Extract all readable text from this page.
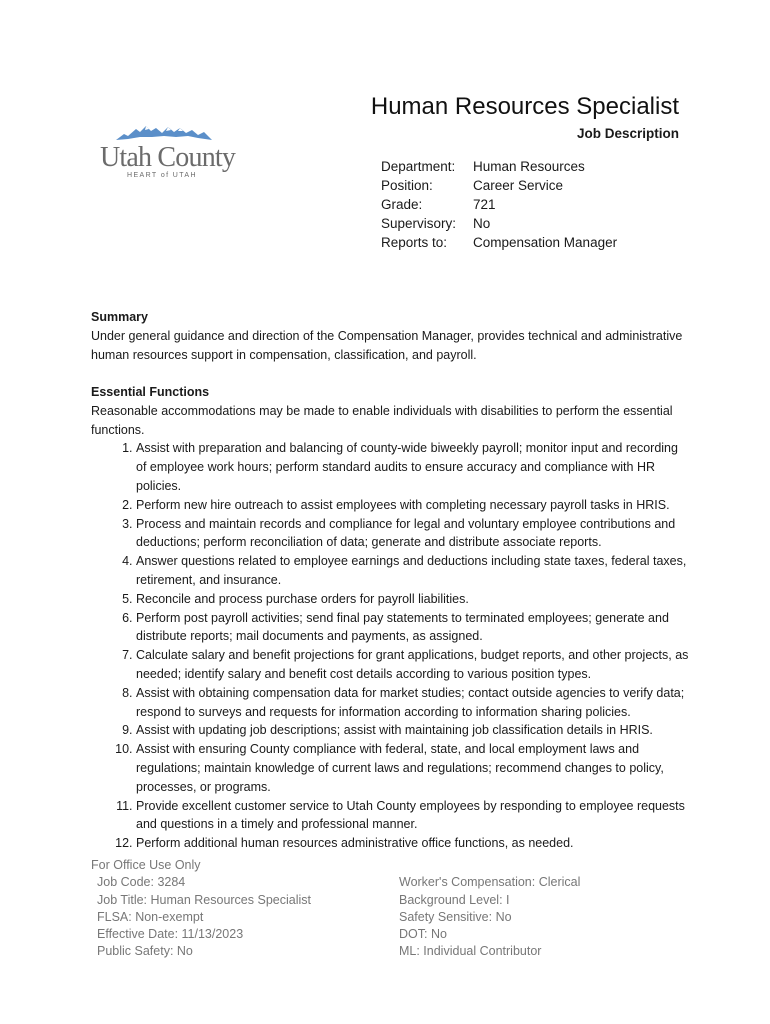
Utah County
HEART of UTAH
Human Resources Specialist
Job Description
Department: Human Resources
Position:	Career Service
Grade:	721
Supervisory: No
Reports to: Compensation Manager
Summary
Under general guidance and direction of the Compensation Manager, provides technical and administrative human resources support in compensation, classification, and payroll.
Essential Functions
Reasonable accommodations may be made to enable individuals with disabilities to perform the essential functions.
1. Assist with preparation and balancing of county-wide biweekly payroll; monitor input and recording of employee work hours; perform standard audits to ensure accuracy and compliance with HR policies.
2. Perform new hire outreach to assist employees with completing necessary payroll tasks in HRIS.
3. Process and maintain records and compliance for legal and voluntary employee contributions and deductions; perform reconciliation of data; generate and distribute associate reports.
4. Answer questions related to employee earnings and deductions including state taxes, federal taxes, retirement, and insurance.
5. Reconcile and process purchase orders for payroll liabilities.
6. Perform post payroll activities; send final pay statements to terminated employees; generate and distribute reports; mail documents and payments, as assigned.
7. Calculate salary and benefit projections for grant applications, budget reports, and other projects, as needed; identify salary and benefit cost details according to various position types.
8. Assist with obtaining compensation data for market studies; contact outside agencies to verify data; respond to surveys and requests for information according to information sharing policies.
9. Assist with updating job descriptions; assist with maintaining job classification details in HRIS.
10. Assist with ensuring County compliance with federal, state, and local employment laws and regulations; maintain knowledge of current laws and regulations; recommend changes to policy, processes, or programs.
11. Provide excellent customer service to Utah County employees by responding to employee requests and questions in a timely and professional manner.
12. Perform additional human resources administrative office functions, as needed.
For Office Use Only
Job Code: 3284
Job Title: Human Resources Specialist
FLSA: Non-exempt
Effective Date: 11/13/2023
Public Safety: No
Worker's Compensation: Clerical
Background Level: I
Safety Sensitive: No
DOT: No
ML: Individual Contributor
